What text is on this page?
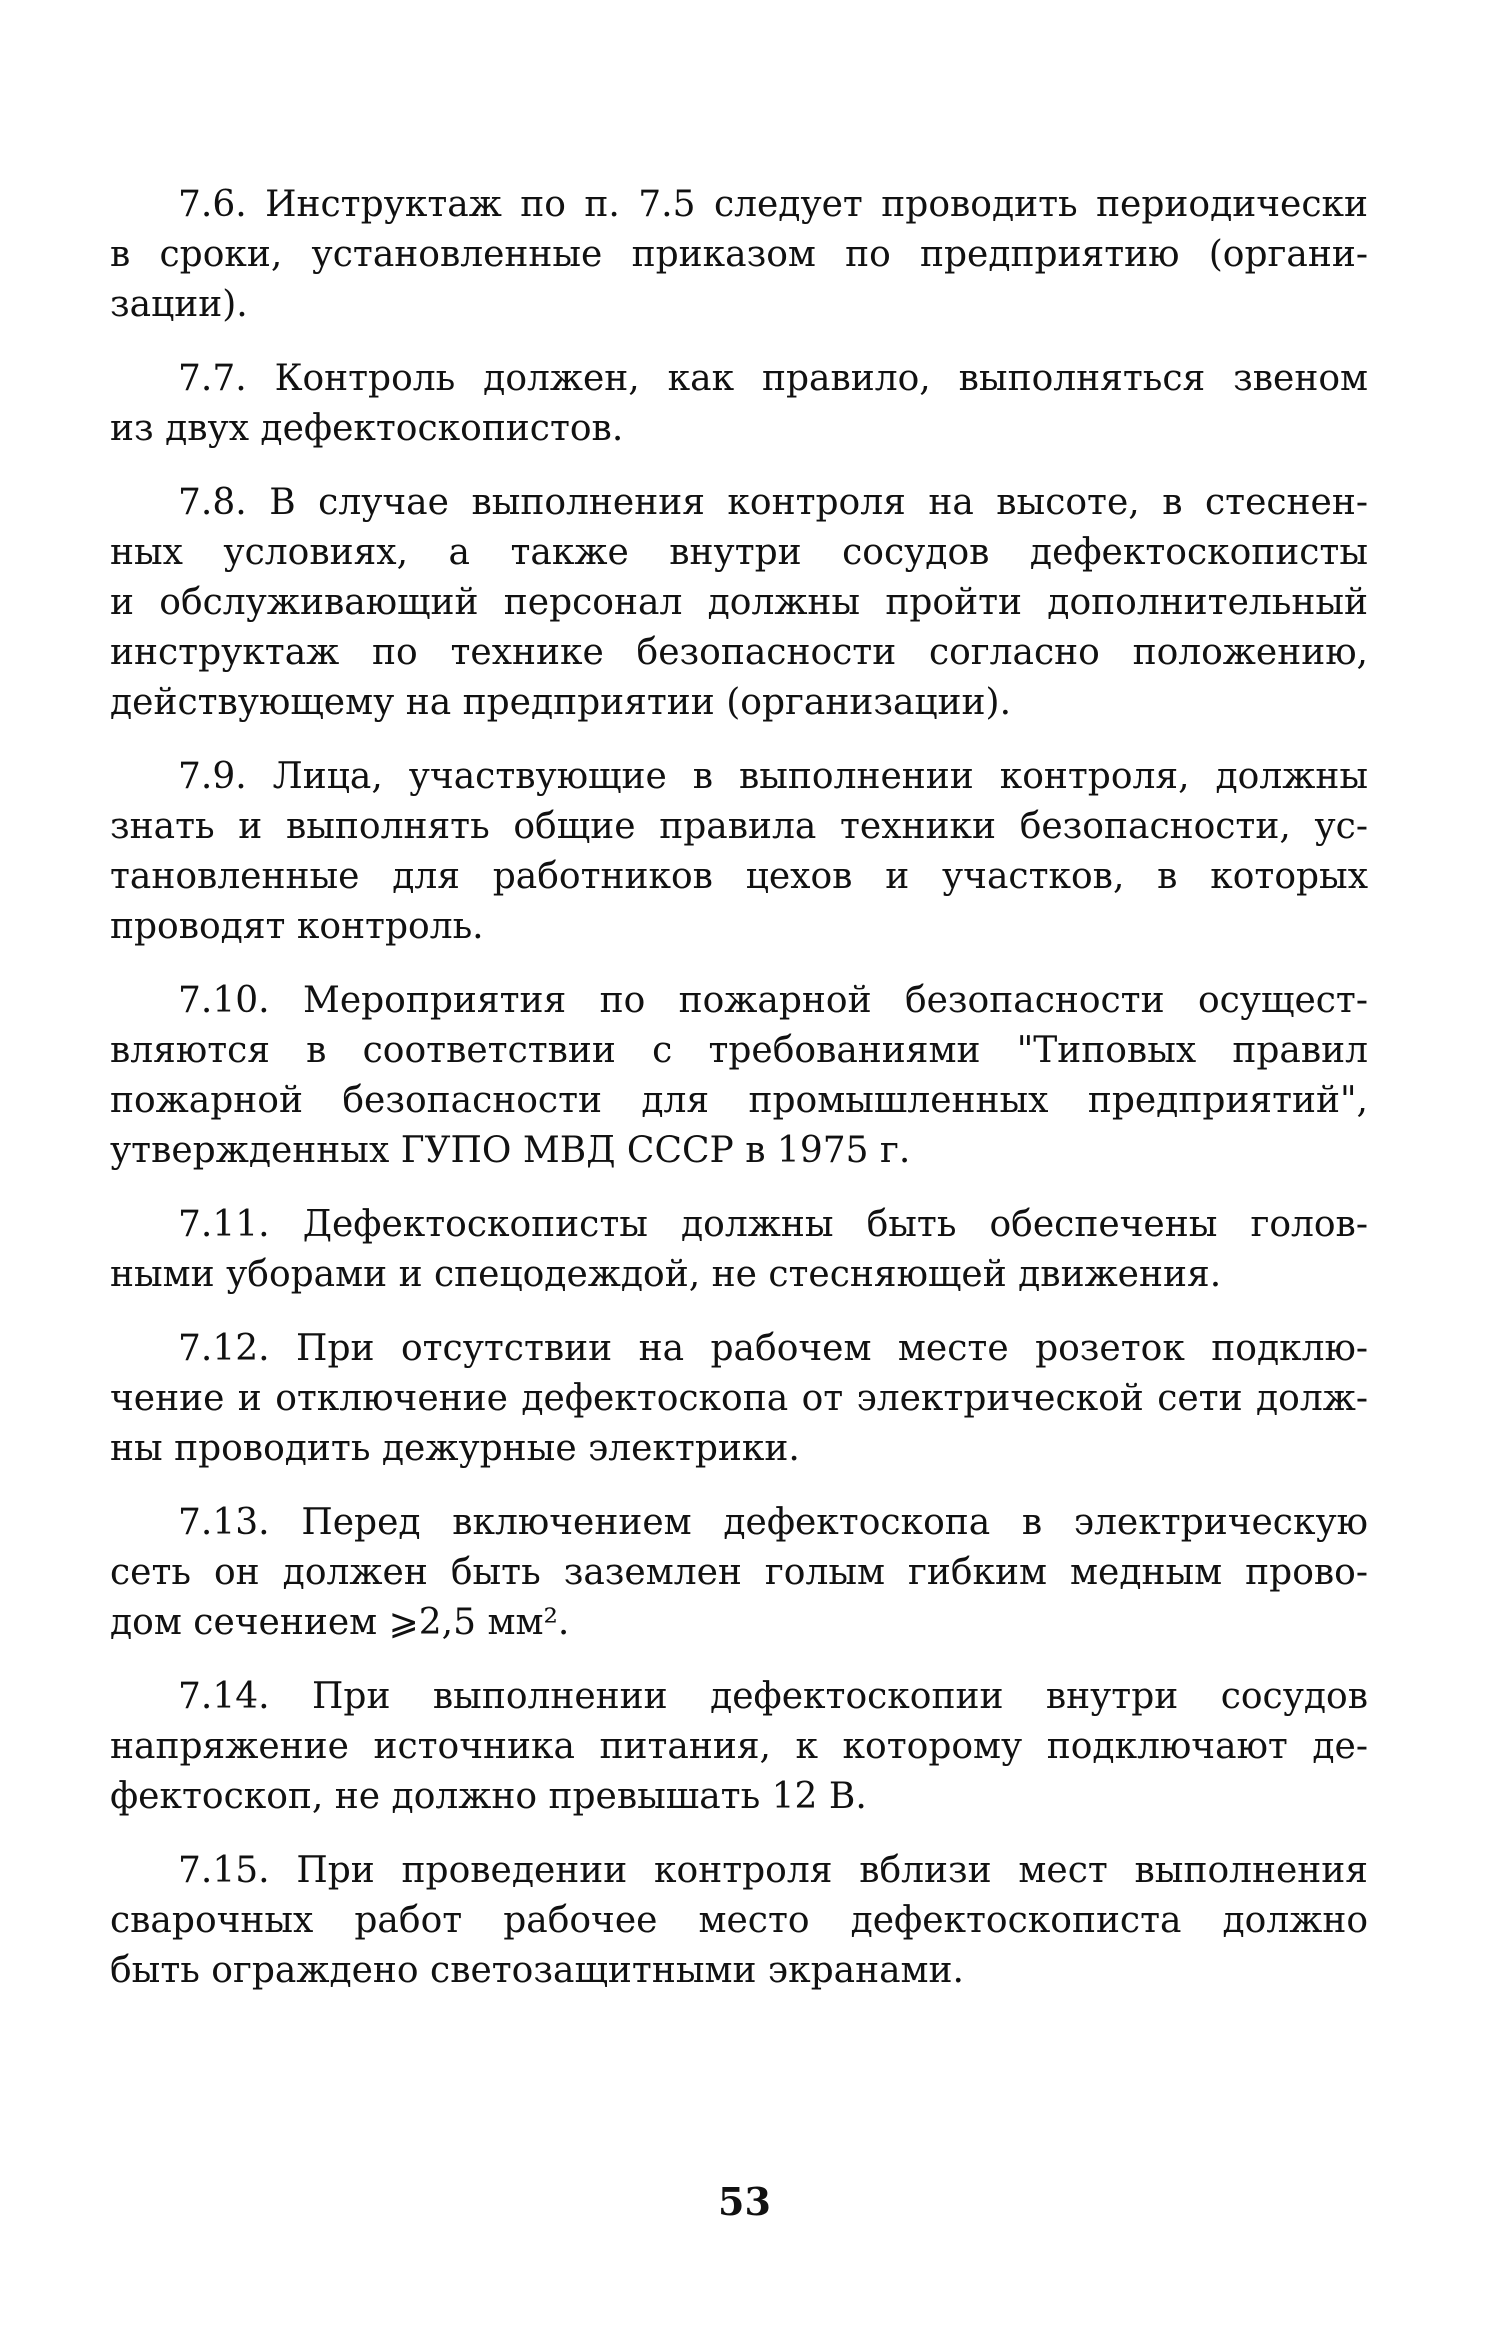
7.6. Инструктаж по п. 7.5 следует проводить периодически
в сроки, установленные приказом по предприятию (органи-
зации).
7.7. Контроль должен, как правило, выполняться звеном
из двух дефектоскопистов.
7.8. В случае выполнения контроля на высоте, в стеснен-
ных условиях, а также внутри сосудов дефектоскописты
и обслуживающий персонал должны пройти дополнительный
инструктаж по технике безопасности согласно положению,
действующему на предприятии (организации).
7.9. Лица, участвующие в выполнении контроля, должны
знать и выполнять общие правила техники безопасности, ус-
тановленные для работников цехов и участков, в которых
проводят контроль.
7.10. Мероприятия по пожарной безопасности осущест-
вляются в соответствии с требованиями "Типовых правил
пожарной безопасности для промышленных предприятий",
утвержденных ГУПО МВД СССР в 1975 г.
7.11. Дефектоскописты должны быть обеспечены голов-
ными уборами и спецодеждой, не стесняющей движения.
7.12. При отсутствии на рабочем месте розеток подклю-
чение и отключение дефектоскопа от электрической сети долж-
ны проводить дежурные электрики.
7.13. Перед включением дефектоскопа в электрическую
сеть он должен быть заземлен голым гибким медным прово-
дом сечением ⩾2,5 мм².
7.14. При выполнении дефектоскопии внутри сосудов
напряжение источника питания, к которому подключают де-
фектоскоп, не должно превышать 12 В.
7.15. При проведении контроля вблизи мест выполнения
сварочных работ рабочее место дефектоскописта должно
быть ограждено светозащитными экранами.
53
